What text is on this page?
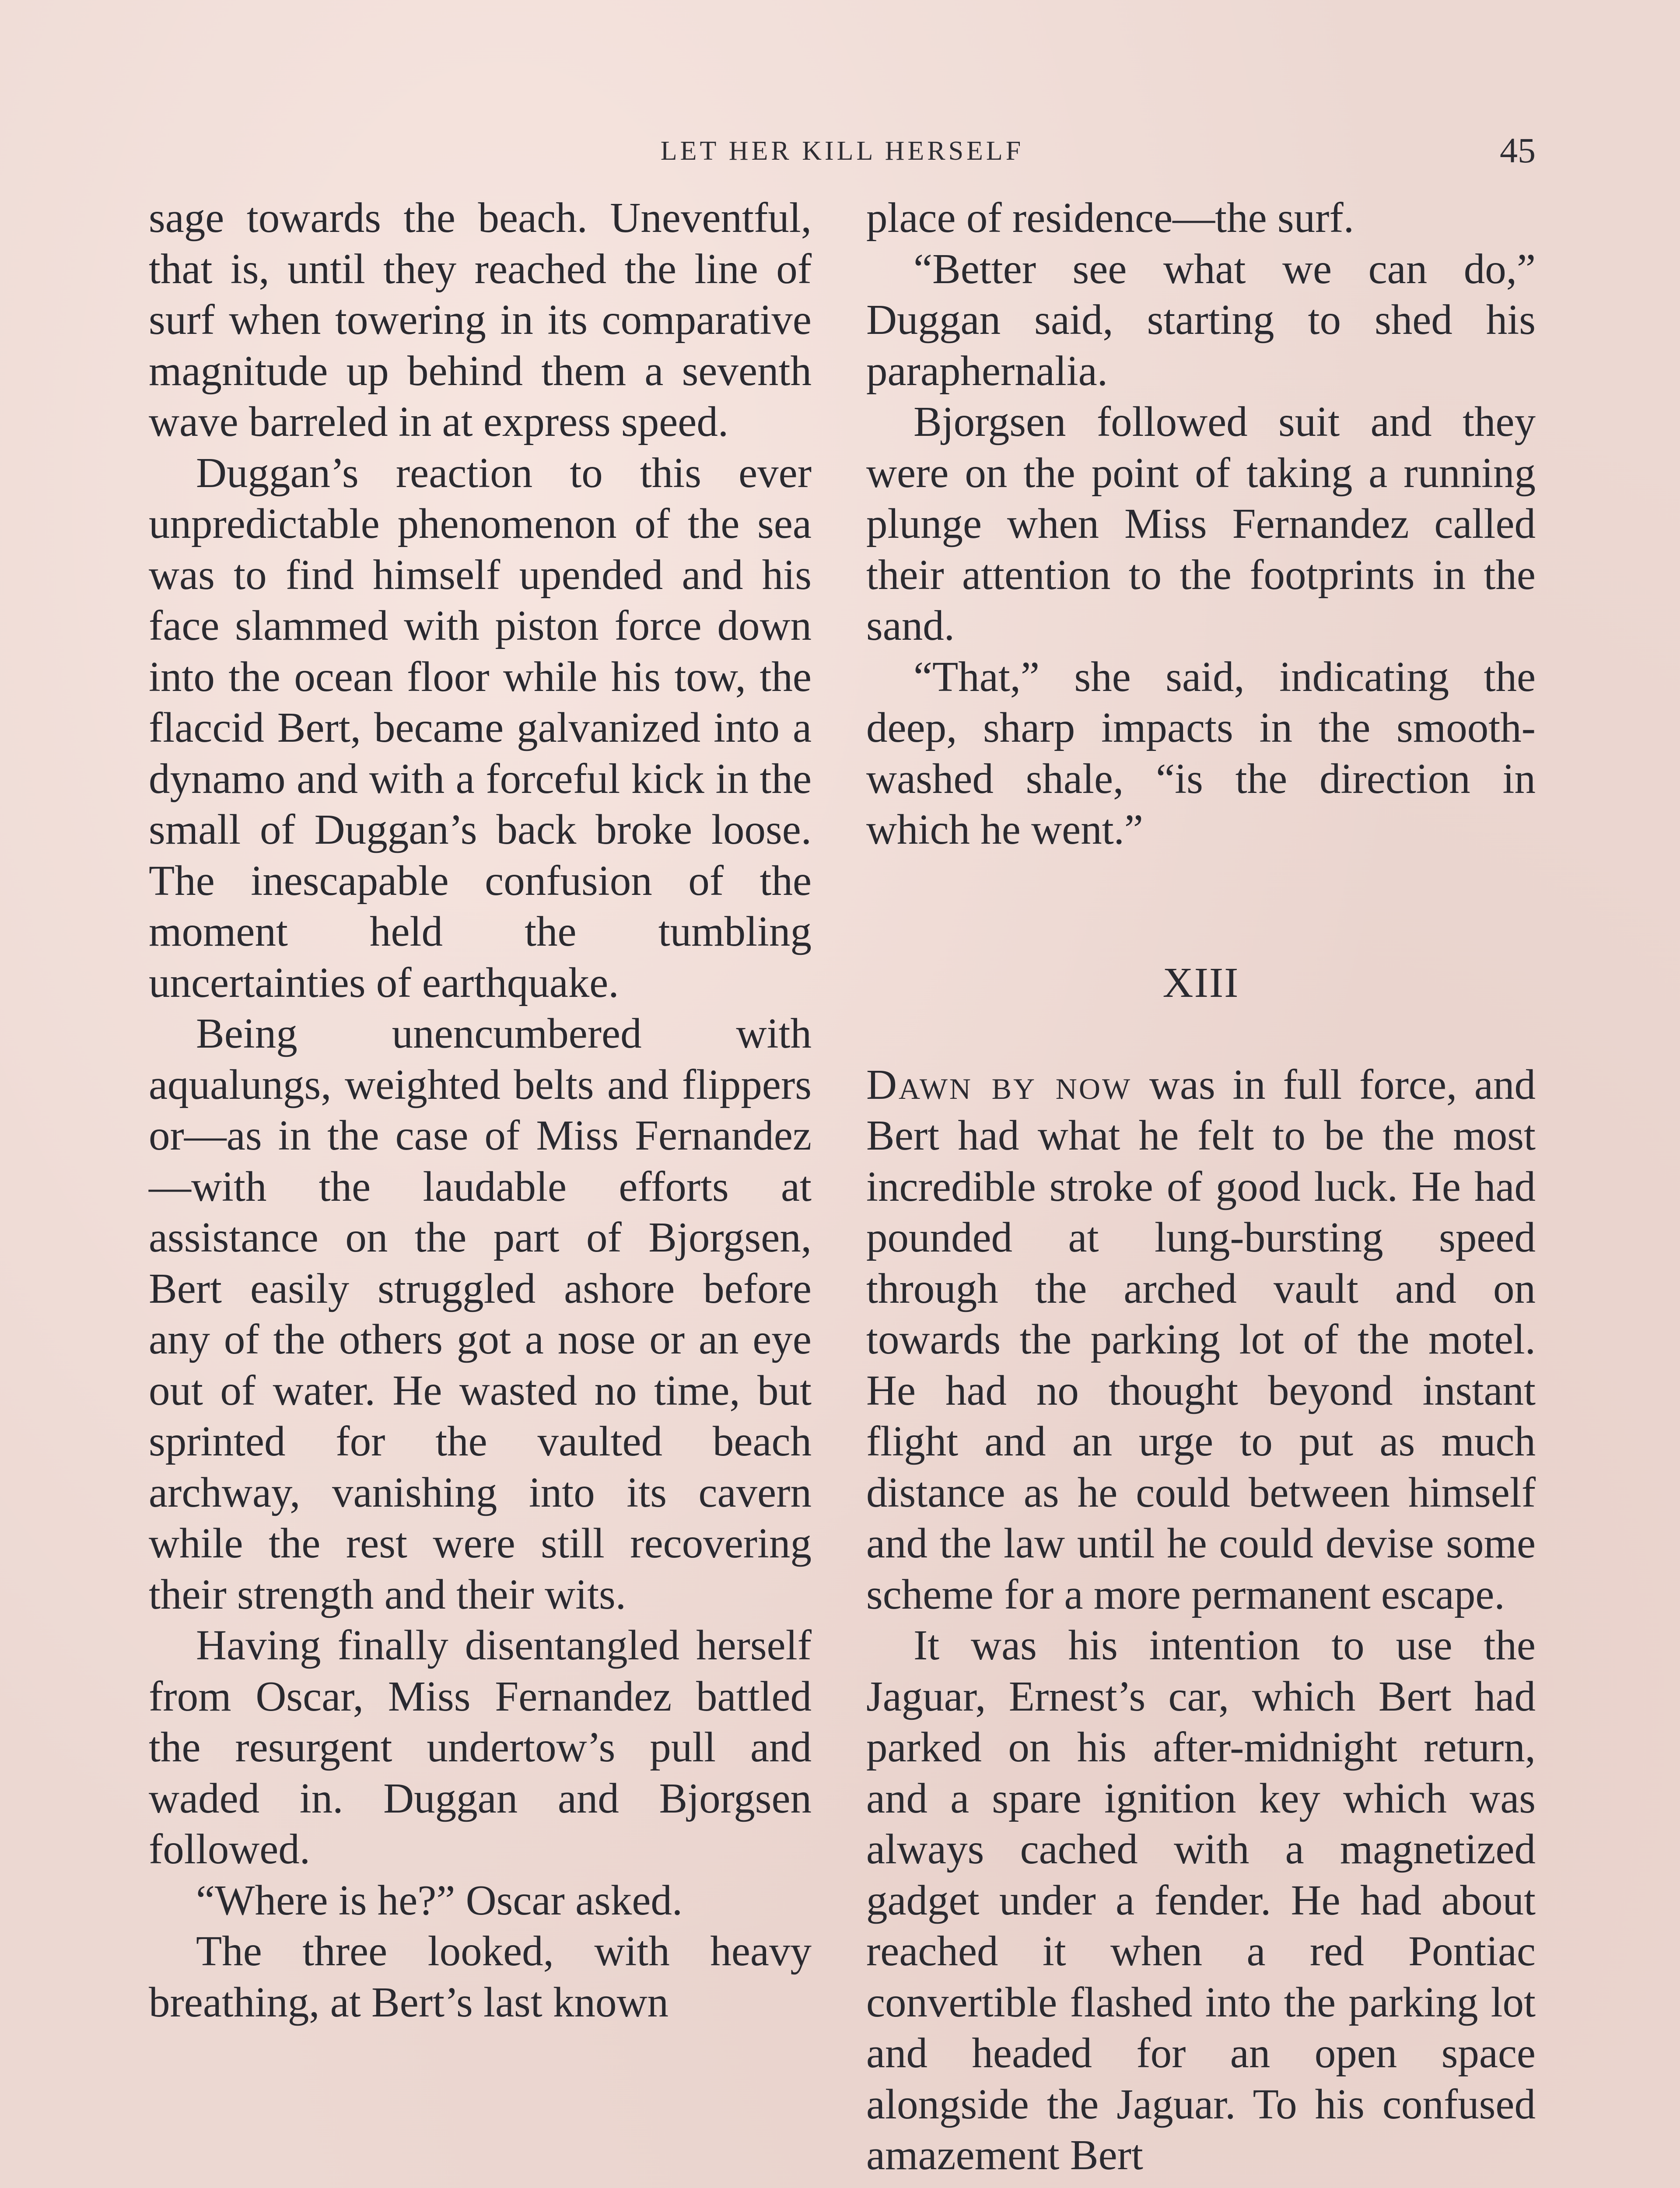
LET HER KILL HERSELF	45

sage towards the beach. Uneventful, that is, until they reached the line of surf when towering in its comparative magnitude up behind them a seventh wave barreled in at express speed.

Duggan’s reaction to this ever unpredictable phenomenon of the sea was to find himself upended and his face slammed with piston force down into the ocean floor while his tow, the flaccid Bert, became galvanized into a dynamo and with a forceful kick in the small of Duggan’s back broke loose. The inescapable confusion of the moment held the tumbling uncertainties of earthquake.

Being unencumbered with aqualungs, weighted belts and flippers or—as in the case of Miss Fernandez—with the laudable efforts at assistance on the part of Bjorgsen, Bert easily struggled ashore before any of the others got a nose or an eye out of water. He wasted no time, but sprinted for the vaulted beach archway, vanishing into its cavern while the rest were still recovering their strength and their wits.

Having finally disentangled herself from Oscar, Miss Fernandez battled the resurgent undertow’s pull and waded in. Duggan and Bjorgsen followed.

“Where is he?” Oscar asked.

The three looked, with heavy breathing, at Bert’s last known

place of residence—the surf.

“Better see what we can do,” Duggan said, starting to shed his paraphernalia.

Bjorgsen followed suit and they were on the point of taking a running plunge when Miss Fernandez called their attention to the footprints in the sand.

“That,” she said, indicating the deep, sharp impacts in the smooth-washed shale, “is the direction in which he went.”

XIII

Dawn by now was in full force, and Bert had what he felt to be the most incredible stroke of good luck. He had pounded at lung-bursting speed through the arched vault and on towards the parking lot of the motel. He had no thought beyond instant flight and an urge to put as much distance as he could between himself and the law until he could devise some scheme for a more permanent escape.

It was his intention to use the Jaguar, Ernest’s car, which Bert had parked on his after-midnight return, and a spare ignition key which was always cached with a magnetized gadget under a fender. He had about reached it when a red Pontiac convertible flashed into the parking lot and headed for an open space alongside the Jaguar. To his confused amazement Bert
